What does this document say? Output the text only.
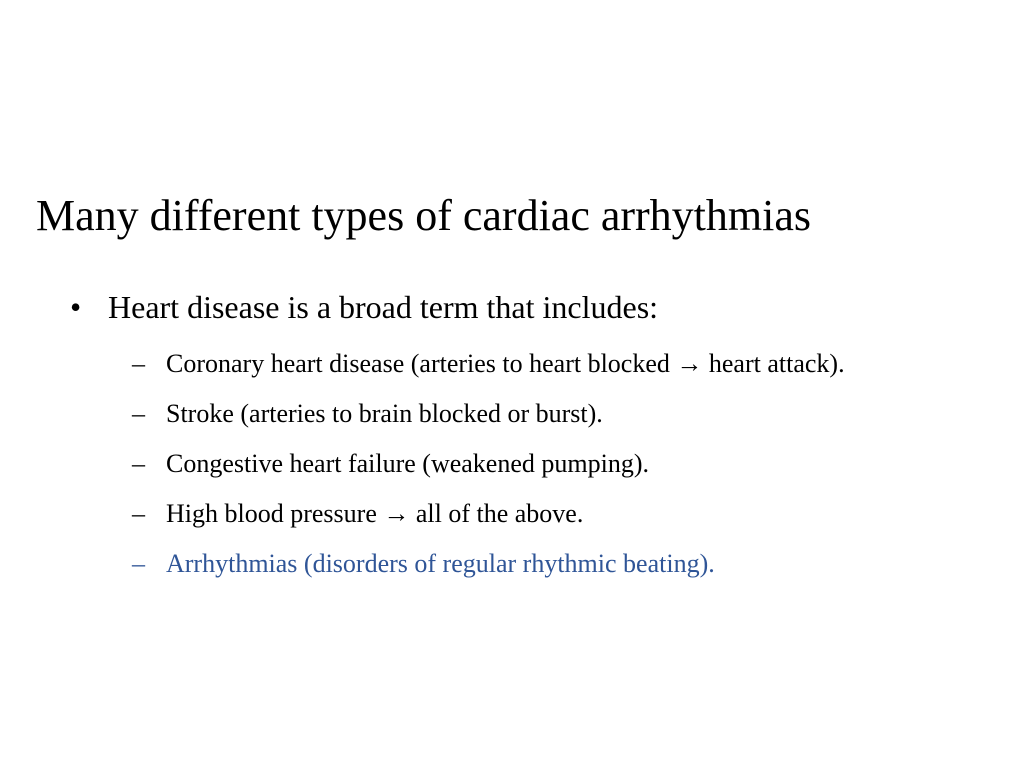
Many different types of cardiac arrhythmias
• Heart disease is a broad term that includes:
– Coronary heart disease (arteries to heart blocked → heart attack).
– Stroke (arteries to brain blocked or burst).
– Congestive heart failure (weakened pumping).
– High blood pressure → all of the above.
– Arrhythmias (disorders of regular rhythmic beating).
